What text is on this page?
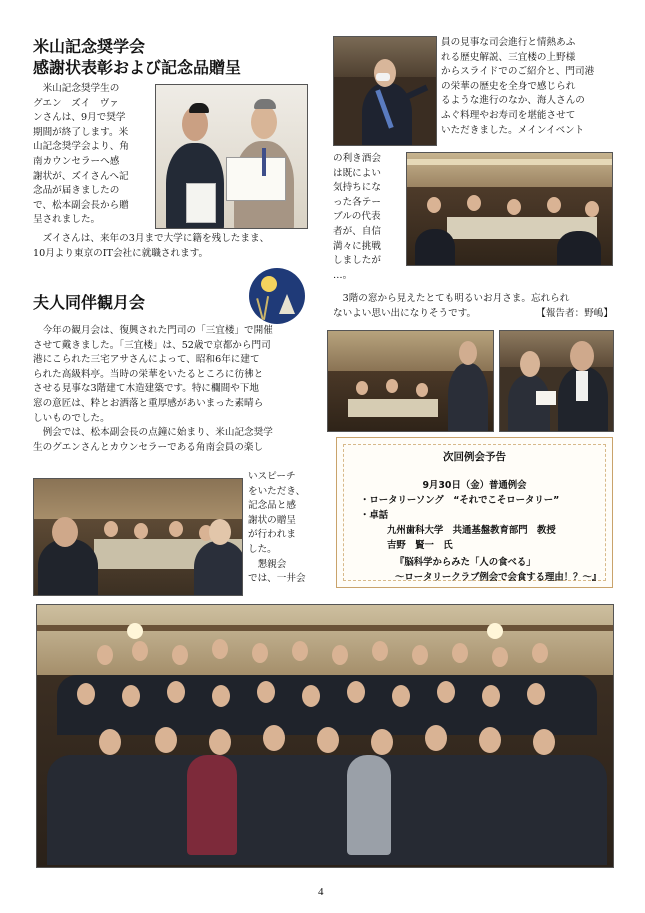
米山記念奨学会
感謝状表彰および記念品贈呈
米山記念奨学生の
グエン　ズイ　ヴァ
ンさんは、9月で奨学
期間が終了します。米
山記念奨学会より、角
南カウンセラーへ感
謝状が、ズイさんへ記
念品が届きましたの
で、松本副会長から贈
呈されました。
ズイさんは、来年の3月まで大学に籍を残したまま、
10月より東京のIT会社に就職されます。
夫人同伴観月会
今年の観月会は、復興された門司の「三宜楼」で開催
させて戴きました。「三宜楼」は、52歳で京都から門司
港にこられた三宅アサさんによって、昭和6年に建て
られた高級料亭。当時の栄華をいたるところに彷彿と
させる見事な3階建て木造建築です。特に欄間や下地
窓の意匠は、粋とお洒落と重厚感があいまった素晴ら
しいものでした。
例会では、松本副会長の点鐘に始まり、米山記念奨学
生のグエンさんとカウンセラーである角南会員の楽し
いスピーチ
をいただき、
記念品と感
謝状の贈呈
が行われま
した。
懇親会
では、一井会
員の見事な司会進行と情熱あふ
れる歴史解説、三宜楼の上野様
からスライドでのご紹介と、門司港
の栄華の歴史を全身で感じられ
るような進行のなか、海人さんの
ふぐ料理やお寿司を堪能させて
いただきました。メインイベント
の利き酒会
は既によい
気持ちにな
った各テー
ブルの代表
者が、自信
満々に挑戦
しましたが
…。
3階の窓から見えたとても明るいお月さま。忘れられ
ないよい思い出になりそうです。	【報告者：野嶋】
次回例会予告
9月30日（金）普通例会
・ロータリーソング　“それでこそロータリー”
・卓話
九州歯科大学　共通基盤教育部門　教授
吉野　賢一　氏
『脳科学からみた「人の食べる」
～ロータリークラブ例会で会食する理由！？～』
4
